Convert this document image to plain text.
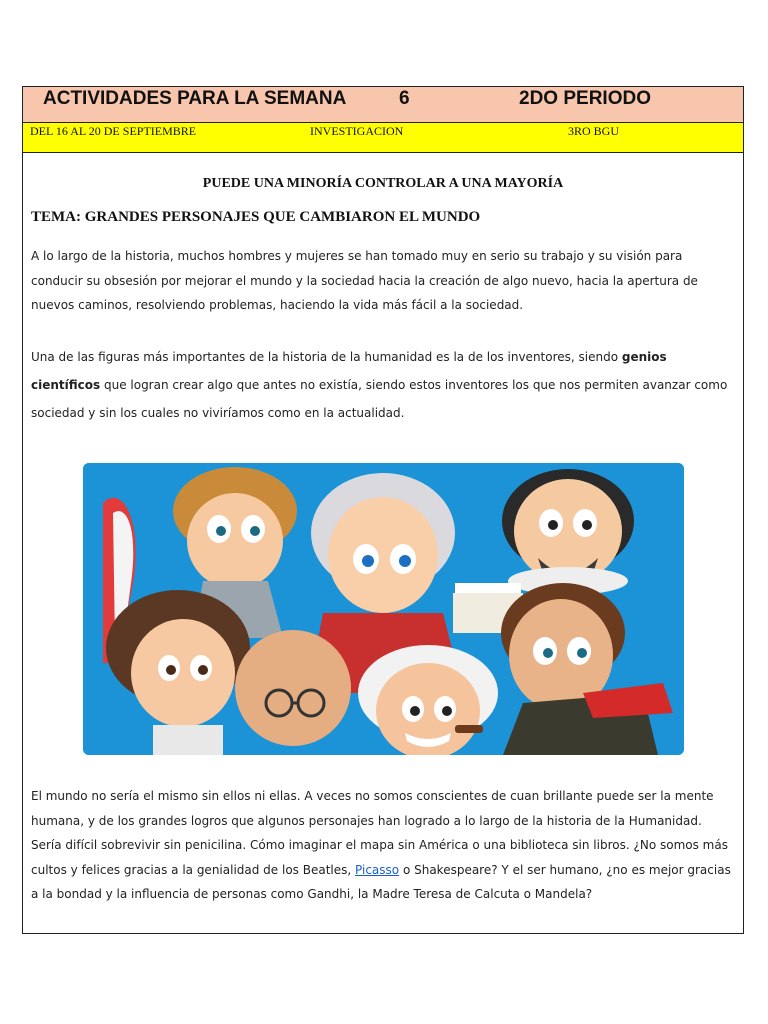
ACTIVIDADES PARA LA SEMANA	6	2DO PERIODO
DEL 16 AL 20 DE SEPTIEMBRE	INVESTIGACION	3RO BGU
PUEDE UNA MINORÍA CONTROLAR A UNA MAYORÍA
TEMA: GRANDES PERSONAJES QUE CAMBIARON EL MUNDO
A lo largo de la historia, muchos hombres y mujeres se han tomado muy en serio su trabajo y su visión para conducir su obsesión por mejorar el mundo y la sociedad hacia la creación de algo nuevo, hacia la apertura de nuevos caminos, resolviendo problemas, haciendo la vida más fácil a la sociedad.
Una de las figuras más importantes de la historia de la humanidad es la de los inventores, siendo genios científicos que logran crear algo que antes no existía, siendo estos inventores los que nos permiten avanzar como sociedad y sin los cuales no viviríamos como en la actualidad.
El mundo no sería el mismo sin ellos ni ellas. A veces no somos conscientes de cuan brillante puede ser la mente humana, y de los grandes logros que algunos personajes han logrado a lo largo de la historia de la Humanidad. Sería difícil sobrevivir sin penicilina. Cómo imaginar el mapa sin América o una biblioteca sin libros. ¿No somos más cultos y felices gracias a la genialidad de los Beatles, Picasso o Shakespeare? Y el ser humano, ¿no es mejor gracias a la bondad y la influencia de personas como Gandhi, la Madre Teresa de Calcuta o Mandela?
